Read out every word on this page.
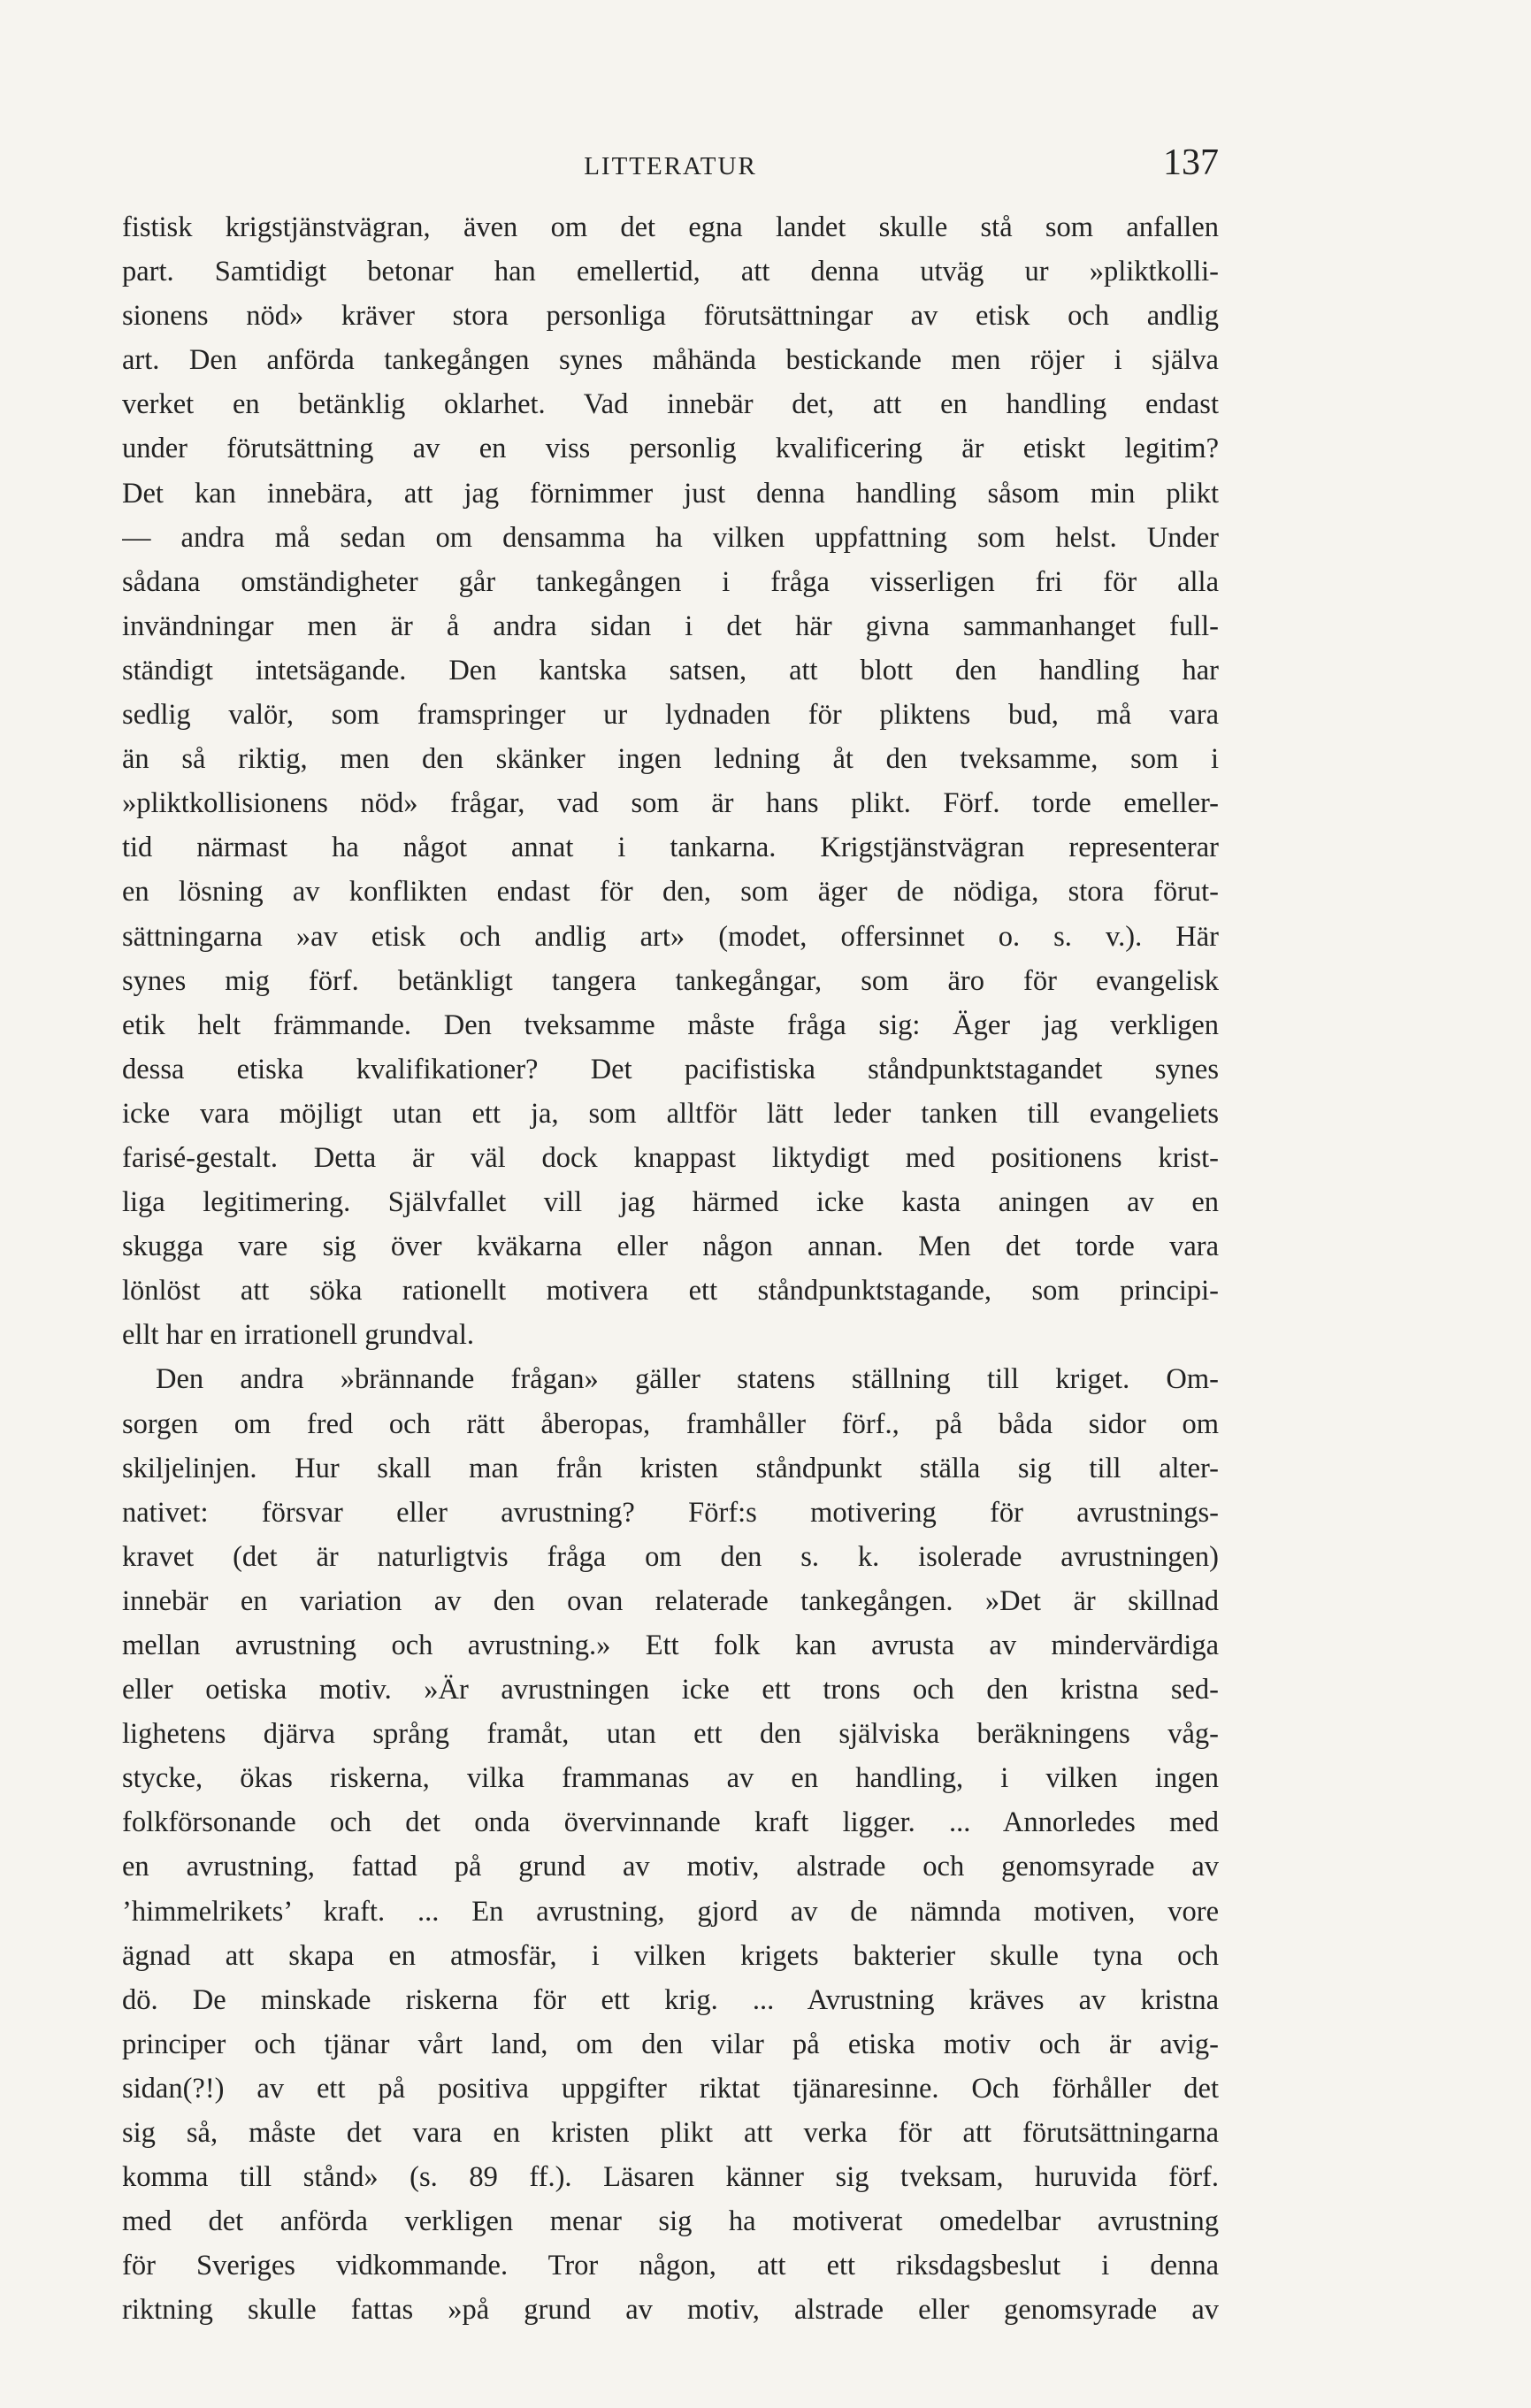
LITTERATUR	137
fistisk krigstjänstvägran, även om det egna landet skulle stå som anfallen
part. Samtidigt betonar han emellertid, att denna utväg ur »pliktkolli-
sionens nöd» kräver stora personliga förutsättningar av etisk och andlig
art. Den anförda tankegången synes måhända bestickande men röjer i själva
verket en betänklig oklarhet. Vad innebär det, att en handling endast
under förutsättning av en viss personlig kvalificering är etiskt legitim?
Det kan innebära, att jag förnimmer just denna handling såsom min plikt
— andra må sedan om densamma ha vilken uppfattning som helst. Under
sådana omständigheter går tankegången i fråga visserligen fri för alla
invändningar men är å andra sidan i det här givna sammanhanget full-
ständigt intetsägande. Den kantska satsen, att blott den handling har
sedlig valör, som framspringer ur lydnaden för pliktens bud, må vara
än så riktig, men den skänker ingen ledning åt den tveksamme, som i
»pliktkollisionens nöd» frågar, vad som är hans plikt. Förf. torde emeller-
tid närmast ha något annat i tankarna. Krigstjänstvägran representerar
en lösning av konflikten endast för den, som äger de nödiga, stora förut-
sättningarna »av etisk och andlig art» (modet, offersinnet o. s. v.). Här
synes mig förf. betänkligt tangera tankegångar, som äro för evangelisk
etik helt främmande. Den tveksamme måste fråga sig: Äger jag verkligen
dessa etiska kvalifikationer? Det pacifistiska ståndpunktstagandet synes
icke vara möjligt utan ett ja, som alltför lätt leder tanken till evangeliets
farisé-gestalt. Detta är väl dock knappast liktydigt med positionens krist-
liga legitimering. Självfallet vill jag härmed icke kasta aningen av en
skugga vare sig över kväkarna eller någon annan. Men det torde vara
lönlöst att söka rationellt motivera ett ståndpunktstagande, som principi-
ellt har en irrationell grundval.
Den andra »brännande frågan» gäller statens ställning till kriget. Om-
sorgen om fred och rätt åberopas, framhåller förf., på båda sidor om
skiljelinjen. Hur skall man från kristen ståndpunkt ställa sig till alter-
nativet: försvar eller avrustning? Förf:s motivering för avrustnings-
kravet (det är naturligtvis fråga om den s. k. isolerade avrustningen)
innebär en variation av den ovan relaterade tankegången. »Det är skillnad
mellan avrustning och avrustning.» Ett folk kan avrusta av mindervärdiga
eller oetiska motiv. »Är avrustningen icke ett trons och den kristna sed-
lighetens djärva språng framåt, utan ett den själviska beräkningens våg-
stycke, ökas riskerna, vilka frammanas av en handling, i vilken ingen
folkförsonande och det onda övervinnande kraft ligger. ... Annorledes med
en avrustning, fattad på grund av motiv, alstrade och genomsyrade av
’himmelrikets’ kraft. ... En avrustning, gjord av de nämnda motiven, vore
ägnad att skapa en atmosfär, i vilken krigets bakterier skulle tyna och
dö. De minskade riskerna för ett krig. ... Avrustning kräves av kristna
principer och tjänar vårt land, om den vilar på etiska motiv och är avig-
sidan(?!) av ett på positiva uppgifter riktat tjänaresinne. Och förhåller det
sig så, måste det vara en kristen plikt att verka för att förutsättningarna
komma till stånd» (s. 89 ff.). Läsaren känner sig tveksam, huruvida förf.
med det anförda verkligen menar sig ha motiverat omedelbar avrustning
för Sveriges vidkommande. Tror någon, att ett riksdagsbeslut i denna
riktning skulle fattas »på grund av motiv, alstrade eller genomsyrade av
